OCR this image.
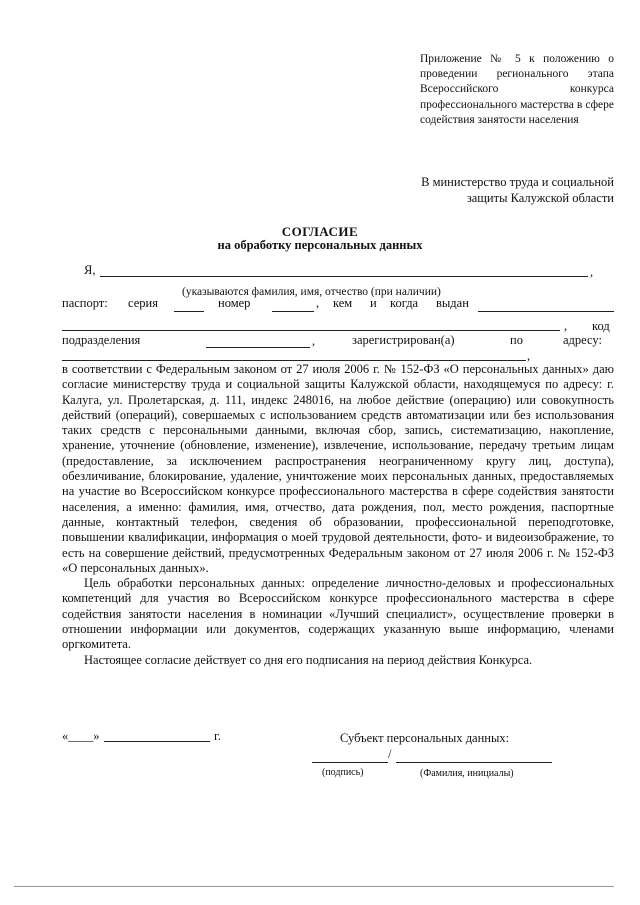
Приложение № 5 к положению о проведении регионального этапа Всероссийского конкурса профессионального мастерства в сфере содействия занятости населения
В министерство труда и социальной
защиты Калужской области
СОГЛАСИЕ
на обработку персональных данных
Я,	,
(указываются фамилия, имя, отчество (при наличии)
паспорт: серия	номер	, кем и когда выдан
, код
подразделения	,	зарегистрирован(а)	по	адресу:
,

в соответствии с Федеральным законом от 27 июля 2006 г. № 152-ФЗ «О персональных данных» даю согласие министерству труда и социальной защиты Калужской области, находящемуся по адресу: г. Калуга, ул. Пролетарская, д. 111, индекс 248016, на любое действие (операцию) или совокупность действий (операций), совершаемых с использованием средств автоматизации или без использования таких средств с персональными данными, включая сбор, запись, систематизацию, накопление, хранение, уточнение (обновление, изменение), извлечение, использование, передачу третьим лицам (предоставление, за исключением распространения неограниченному кругу лиц, доступа), обезличивание, блокирование, удаление, уничтожение моих персональных данных, предоставляемых на участие во Всероссийском конкурсе профессионального мастерства в сфере содействия занятости населения, а именно: фамилия, имя, отчество, дата рождения, пол, место рождения, паспортные данные, контактный телефон, сведения об образовании, профессиональной переподготовке, повышении квалификации, информация о моей трудовой деятельности, фото- и видеоизображение, то есть на совершение действий, предусмотренных Федеральным законом от 27 июля 2006 г. № 152-ФЗ «О персональных данных».

Цель обработки персональных данных: определение личностно-деловых и профессиональных компетенций для участия во Всероссийском конкурсе профессионального мастерства в сфере содействия занятости населения в номинации «Лучший специалист», осуществление проверки в отношении информации или документов, содержащих указанную выше информацию, членами оргкомитета.

Настоящее согласие действует со дня его подписания на период действия Конкурса.

«____»	г.	Субъект персональных данных:
/
(подпись)	(Фамилия, инициалы)
